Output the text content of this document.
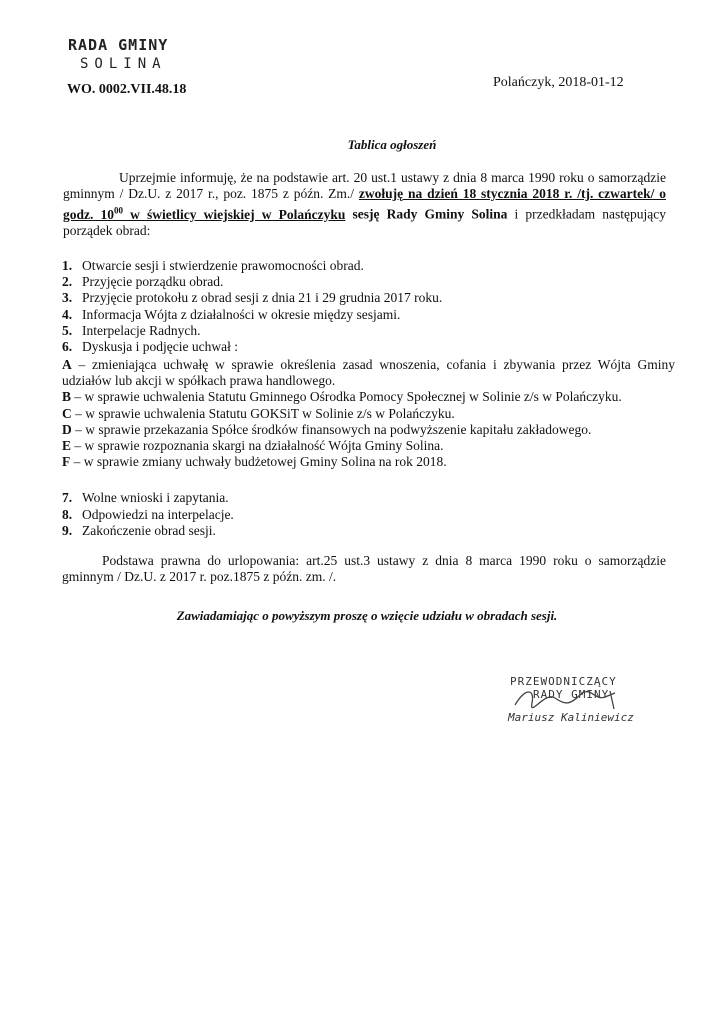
RADA GMINY
SOLINA
WO. 0002.VII.48.18	Polańczyk, 2018-01-12
Tablica ogłoszeń
Uprzejmie informuję, że na podstawie art. 20 ust.1 ustawy z dnia 8 marca 1990 roku o samorządzie gminnym / Dz.U. z 2017 r., poz. 1875 z późn. Zm./ zwołuję na dzień 18 stycznia 2018 r. /tj. czwartek/ o godz. $10^{00}$ w świetlicy wiejskiej w Polańczyku sesję Rady Gminy Solina i przedkładam następujący porządek obrad:
1. Otwarcie sesji i stwierdzenie prawomocności obrad.
2. Przyjęcie porządku obrad.
3. Przyjęcie protokołu z obrad sesji z dnia 21 i 29 grudnia 2017 roku.
4. Informacja Wójta z działalności w okresie między sesjami.
5. Interpelacje Radnych.
6. Dyskusja i podjęcie uchwał :
A – zmieniająca uchwałę w sprawie określenia zasad wnoszenia, cofania i zbywania przez Wójta Gminy udziałów lub akcji w spółkach prawa handlowego.
B – w sprawie uchwalenia Statutu Gminnego Ośrodka Pomocy Społecznej w Solinie z/s w Polańczyku.
C – w sprawie uchwalenia Statutu GOKSiT w Solinie z/s w Polańczyku.
D – w sprawie przekazania Spółce środków finansowych na podwyższenie kapitału zakładowego.
E – w sprawie rozpoznania skargi na działalność Wójta Gminy Solina.
F – w sprawie zmiany uchwały budżetowej Gminy Solina na rok 2018.
7. Wolne wnioski i zapytania.
8. Odpowiedzi na interpelacje.
9. Zakończenie obrad sesji.
Podstawa prawna do urlopowania: art.25 ust.3 ustawy z dnia 8 marca 1990 roku o samorządzie gminnym / Dz.U. z 2017 r. poz.1875 z późn. zm. /.
Zawiadamiając o powyższym proszę o wzięcie udziału w obradach sesji.
PRZEWODNICZĄCY
RADY GMINY
Mariusz Kaliniewicz
